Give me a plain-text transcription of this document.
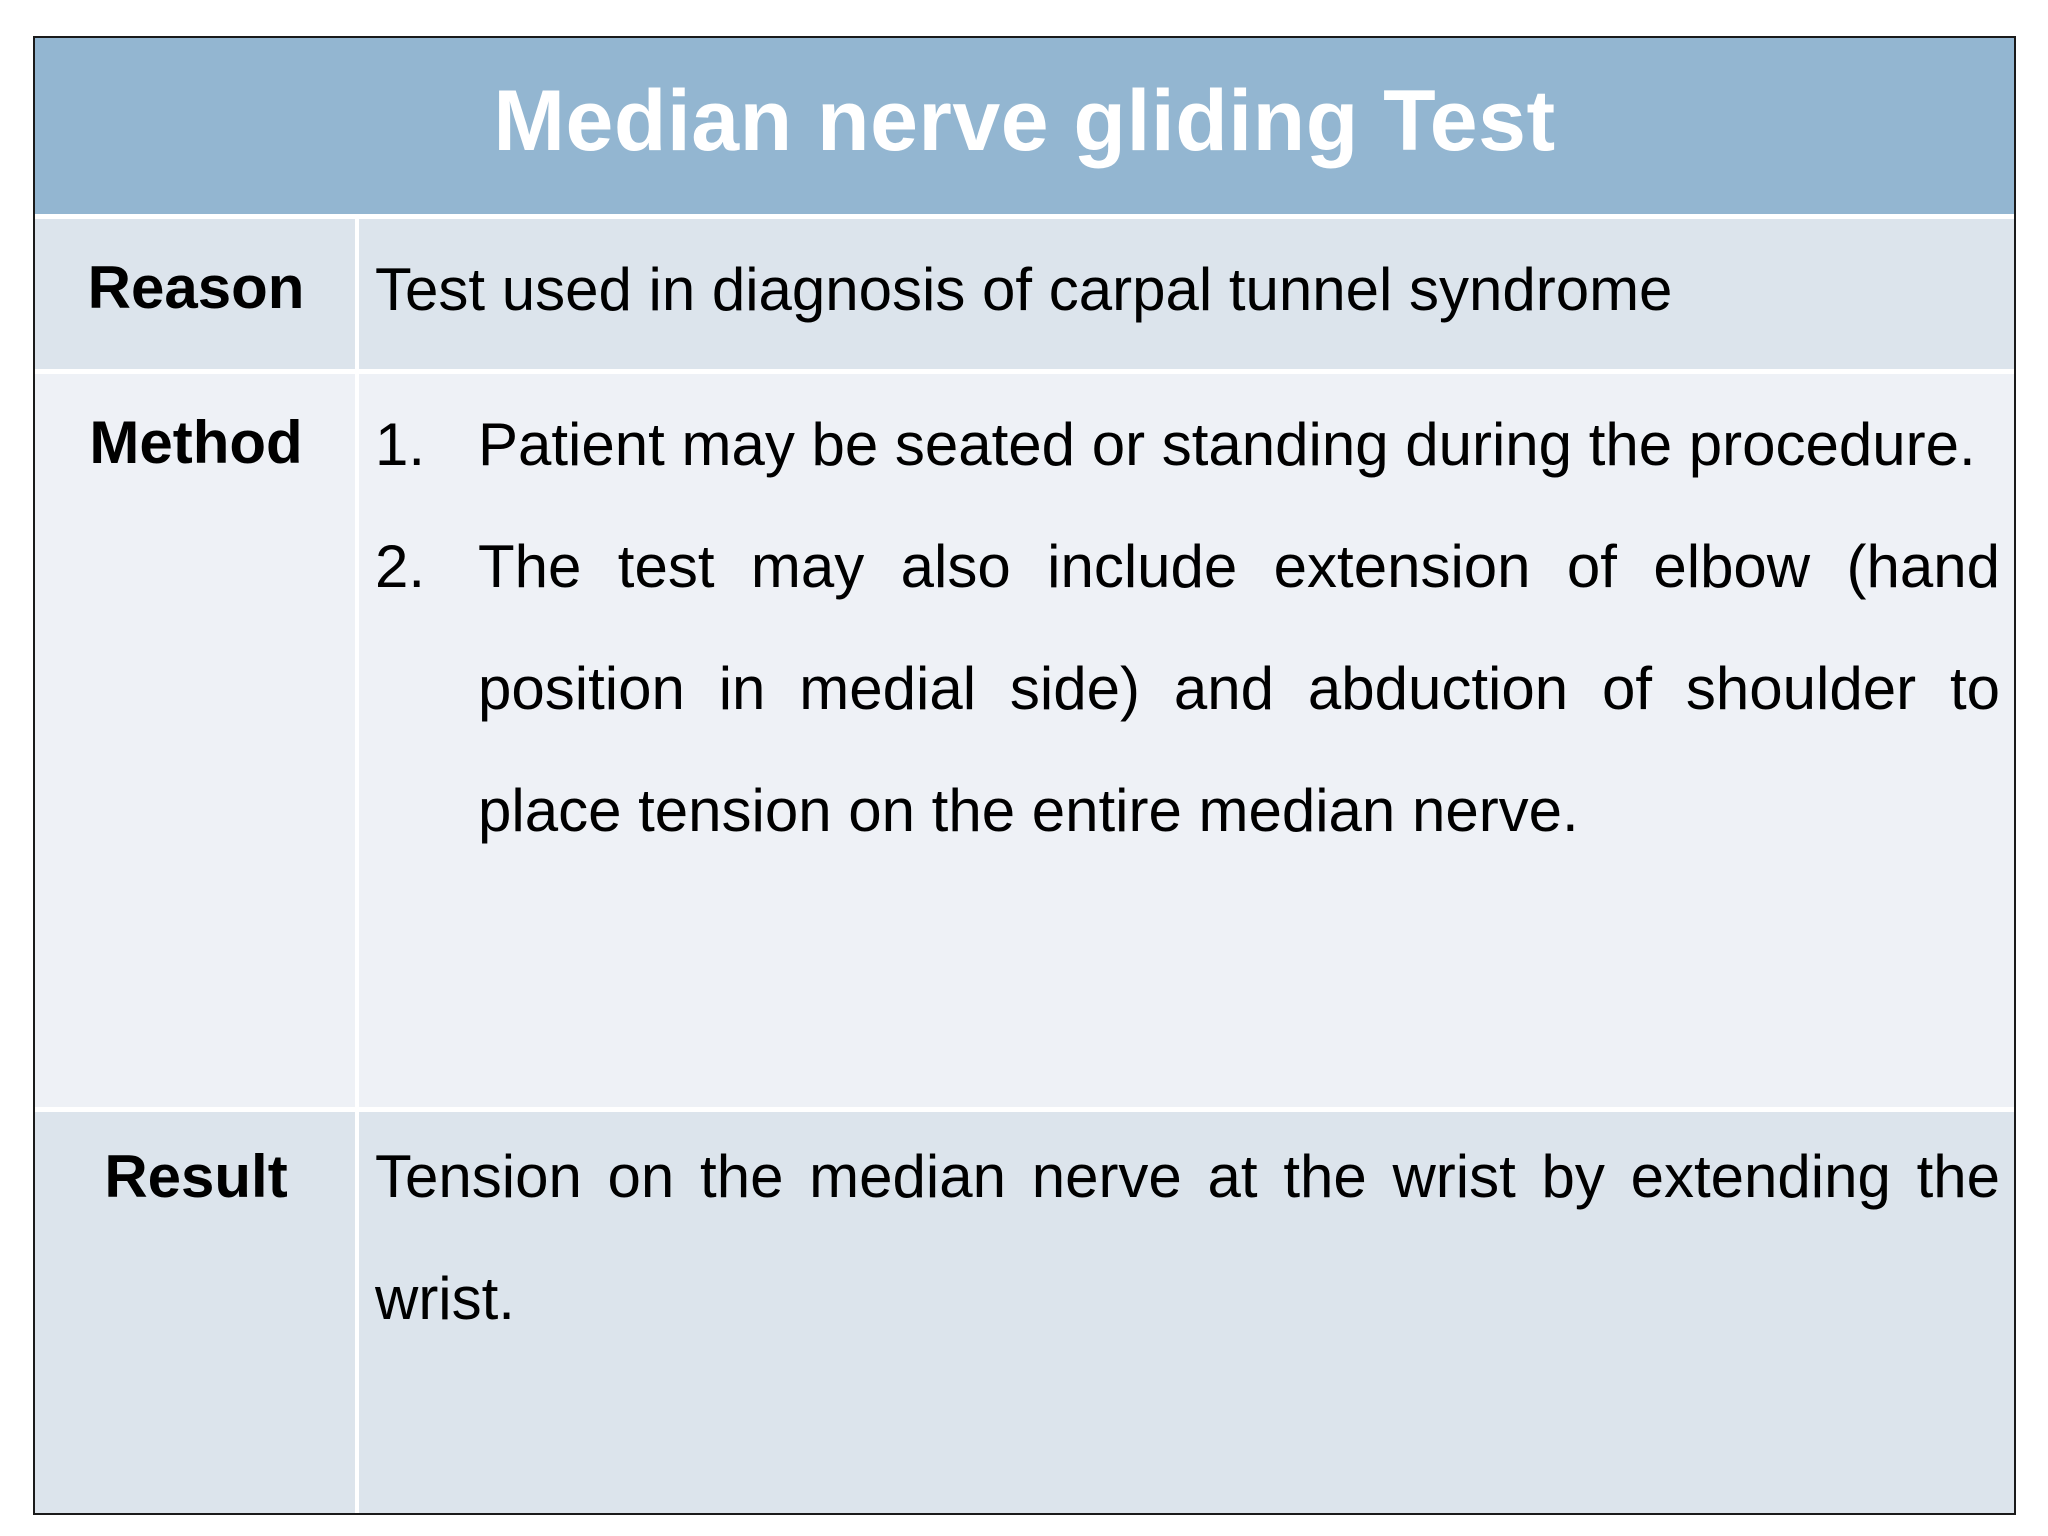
Median nerve gliding Test
Reason	Test used in diagnosis of carpal tunnel syndrome
Method	1. Patient may be seated or standing during the procedure.
2. The test may also include extension of elbow (hand position in medial side) and abduction of shoulder to place tension on the entire median nerve.
Result	Tension on the median nerve at the wrist by extending the wrist.
